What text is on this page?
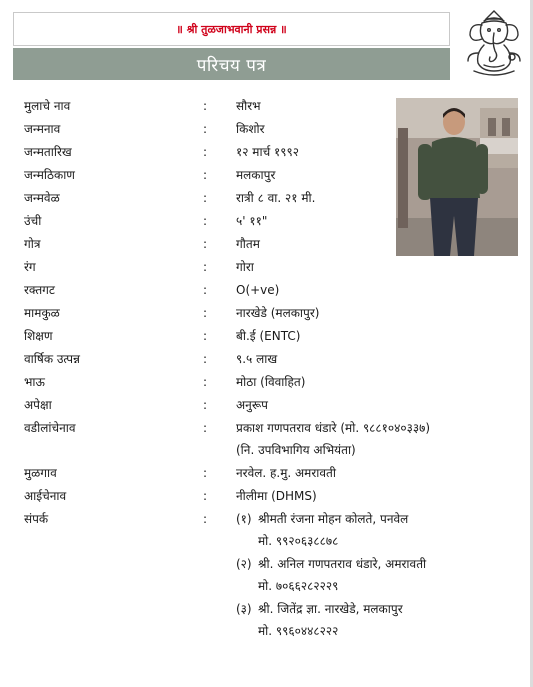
॥ श्री तुळजाभवानी प्रसन्न ॥
परिचय पत्र
मुलाचे नाव	: सौरभ
जन्मनाव	: किशोर
जन्मतारिख	: १२ मार्च १९९२
जन्मठिकाण	: मलकापुर
जन्मवेळ	: रात्री ८ वा. २१ मी.
उंची	: ५' ११"
गोत्र	: गौतम
रंग	: गोरा
रक्तगट	: O(+ve)
मामकुळ	: नारखेडे (मलकापुर)
शिक्षण	: बी.ई (ENTC)
वार्षिक उत्पन्न	: ९.५ लाख
भाऊ	: मोठा (विवाहित)
अपेक्षा	: अनुरूप
वडीलांचेनाव	: प्रकाश गणपतराव धंडारे (मो. ९८८१०४०३३७)
(नि. उपविभागिय अभियंता)
मुळगाव	: नरवेल. ह.मु. अमरावती
आईचेनाव	: नीलीमा (DHMS)
संपर्क	: (१) श्रीमती रंजना मोहन कोलते, पनवेल
मो. ९९२०६३८८७८
(२) श्री. अनिल गणपतराव धंडारे, अमरावती
मो. ७०६६२८२२२९
(३) श्री. जितेंद्र ज्ञा. नारखेडे, मलकापुर
मो. ९९६०४४८२२२
